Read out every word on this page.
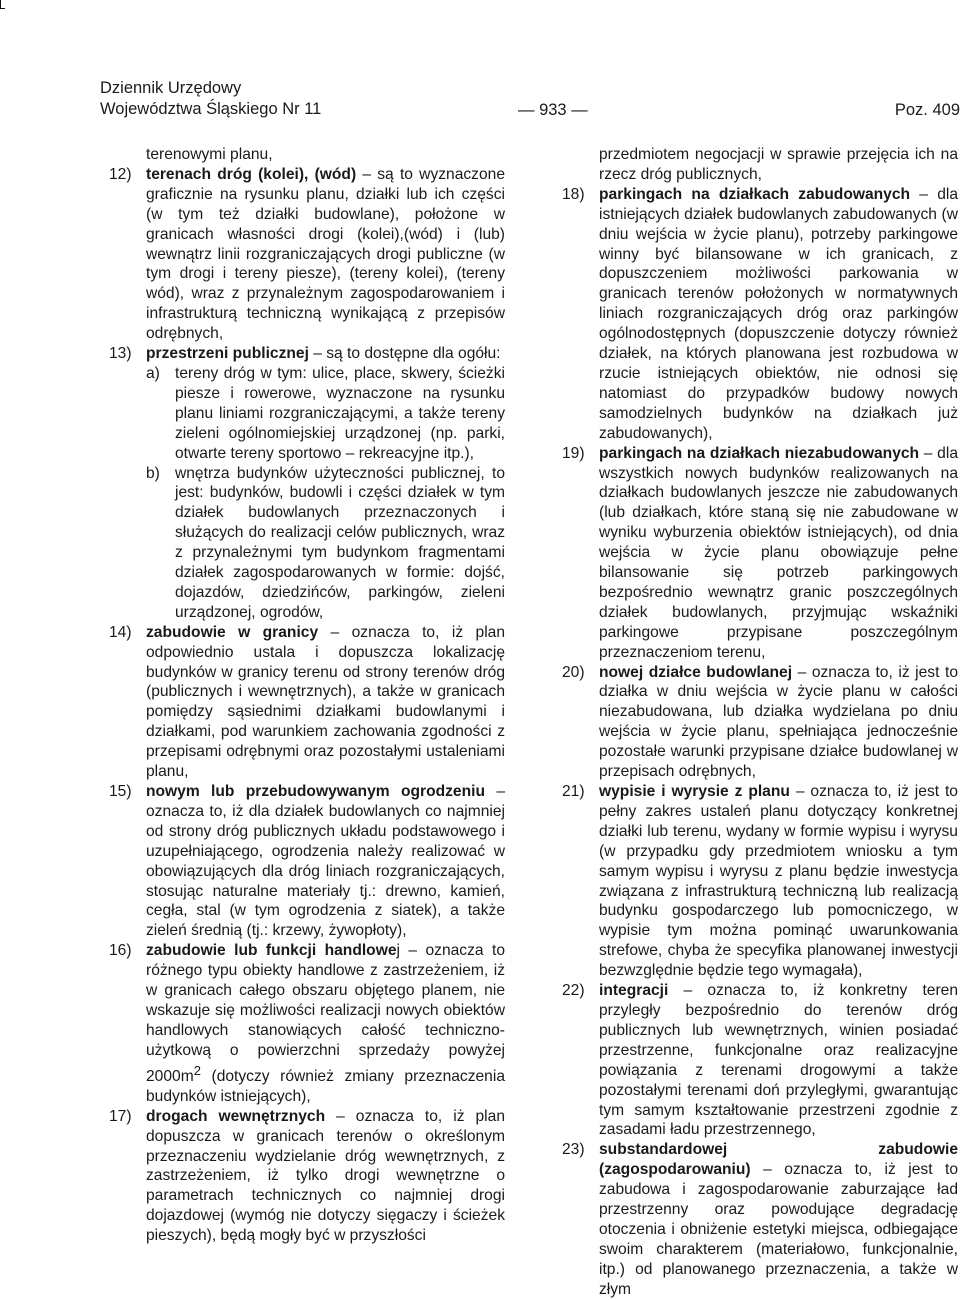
Dziennik Urzędowy
Województwa Śląskiego Nr 11	— 933 —	Poz. 409
terenowymi planu,
12) terenach dróg (kolei), (wód) – są to wyznaczone graficznie na rysunku planu, działki lub ich części (w tym też działki budowlane), położone w granicach własności drogi (kolei),(wód) i (lub) wewnątrz linii rozgraniczających drogi publiczne (w tym drogi i tereny piesze), (tereny kolei), (tereny wód), wraz z przynależnym zagospodarowaniem i infrastrukturą techniczną wynikającą z przepisów odrębnych,
13) przestrzeni publicznej – są to dostępne dla ogółu:
a) tereny dróg w tym: ulice, place, skwery, ścieżki piesze i rowerowe, wyznaczone na rysunku planu liniami rozgraniczającymi, a także tereny zieleni ogólnomiejskiej urządzonej (np. parki, otwarte tereny sportowo – rekreacyjne itp.),
b) wnętrza budynków użyteczności publicznej, to jest: budynków, budowli i części działek w tym działek budowlanych przeznaczonych i służących do realizacji celów publicznych, wraz z przynależnymi tym budynkom fragmentami działek zagospodarowanych w formie: dojść, dojazdów, dziedzińców, parkingów, zieleni urządzonej, ogrodów,
14) zabudowie w granicy – oznacza to, iż plan odpowiednio ustala i dopuszcza lokalizację budynków w granicy terenu od strony terenów dróg (publicznych i wewnętrznych), a także w granicach pomiędzy sąsiednimi działkami budowlanymi i działkami, pod warunkiem zachowania zgodności z przepisami odrębnymi oraz pozostałymi ustaleniami planu,
15) nowym lub przebudowywanym ogrodzeniu – oznacza to, iż dla działek budowlanych co najmniej od strony dróg publicznych układu podstawowego i uzupełniającego, ogrodzenia należy realizować w obowiązujących dla dróg liniach rozgraniczających, stosując naturalne materiały tj.: drewno, kamień, cegła, stal (w tym ogrodzenia z siatek), a także zieleń średnią (tj.: krzewy, żywopłoty),
16) zabudowie lub funkcji handlowej – oznacza to różnego typu obiekty handlowe z zastrzeżeniem, iż w granicach całego obszaru objętego planem, nie wskazuje się możliwości realizacji nowych obiektów handlowych stanowiących całość techniczno-użytkową o powierzchni sprzedaży powyżej $2000m^2$ (dotyczy również zmiany przeznaczenia budynków istniejących),
17) drogach wewnętrznych – oznacza to, iż plan dopuszcza w granicach terenów o określonym przeznaczeniu wydzielanie dróg wewnętrznych, z zastrzeżeniem, iż tylko drogi wewnętrzne o parametrach technicznych co najmniej drogi dojazdowej (wymóg nie dotyczy sięgaczy i ścieżek pieszych), będą mogły być w przyszłości
przedmiotem negocjacji w sprawie przejęcia ich na rzecz dróg publicznych,
18) parkingach na działkach zabudowanych – dla istniejących działek budowlanych zabudowanych (w dniu wejścia w życie planu), potrzeby parkingowe winny być bilansowane w ich granicach, z dopuszczeniem możliwości parkowania w granicach terenów położonych w normatywnych liniach rozgraniczających dróg oraz parkingów ogólnodostępnych (dopuszczenie dotyczy również działek, na których planowana jest rozbudowa w rzucie istniejących obiektów, nie odnosi się natomiast do przypadków budowy nowych samodzielnych budynków na działkach już zabudowanych),
19) parkingach na działkach niezabudowanych – dla wszystkich nowych budynków realizowanych na działkach budowlanych jeszcze nie zabudowanych (lub działkach, które staną się nie zabudowane w wyniku wyburzenia obiektów istniejących), od dnia wejścia w życie planu obowiązuje pełne bilansowanie się potrzeb parkingowych bezpośrednio wewnątrz granic poszczególnych działek budowlanych, przyjmując wskaźniki parkingowe przypisane poszczególnym przeznaczeniom terenu,
20) nowej działce budowlanej – oznacza to, iż jest to działka w dniu wejścia w życie planu w całości niezabudowana, lub działka wydzielana po dniu wejścia w życie planu, spełniająca jednocześnie pozostałe warunki przypisane działce budowlanej w przepisach odrębnych,
21) wypisie i wyrysie z planu – oznacza to, iż jest to pełny zakres ustaleń planu dotyczący konkretnej działki lub terenu, wydany w formie wypisu i wyrysu (w przypadku gdy przedmiotem wniosku a tym samym wypisu i wyrysu z planu będzie inwestycja związana z infrastrukturą techniczną lub realizacją budynku gospodarczego lub pomocniczego, w wypisie tym można pominąć uwarunkowania strefowe, chyba że specyfika planowanej inwestycji bezwzględnie będzie tego wymagała),
22) integracji – oznacza to, iż konkretny teren przyległy bezpośrednio do terenów dróg publicznych lub wewnętrznych, winien posiadać przestrzenne, funkcjonalne oraz realizacyjne powiązania z terenami drogowymi a także pozostałymi terenami doń przyległymi, gwarantując tym samym kształtowanie przestrzeni zgodnie z zasadami ładu przestrzennego,
23) substandardowej zabudowie (zagospodarowaniu) – oznacza to, iż jest to zabudowa i zagospodarowanie zaburzające ład przestrzenny oraz powodujące degradację otoczenia i obniżenie estetyki miejsca, odbiegające swoim charakterem (materiałowo, funkcjonalnie, itp.) od planowanego przeznaczenia, a także w złym
